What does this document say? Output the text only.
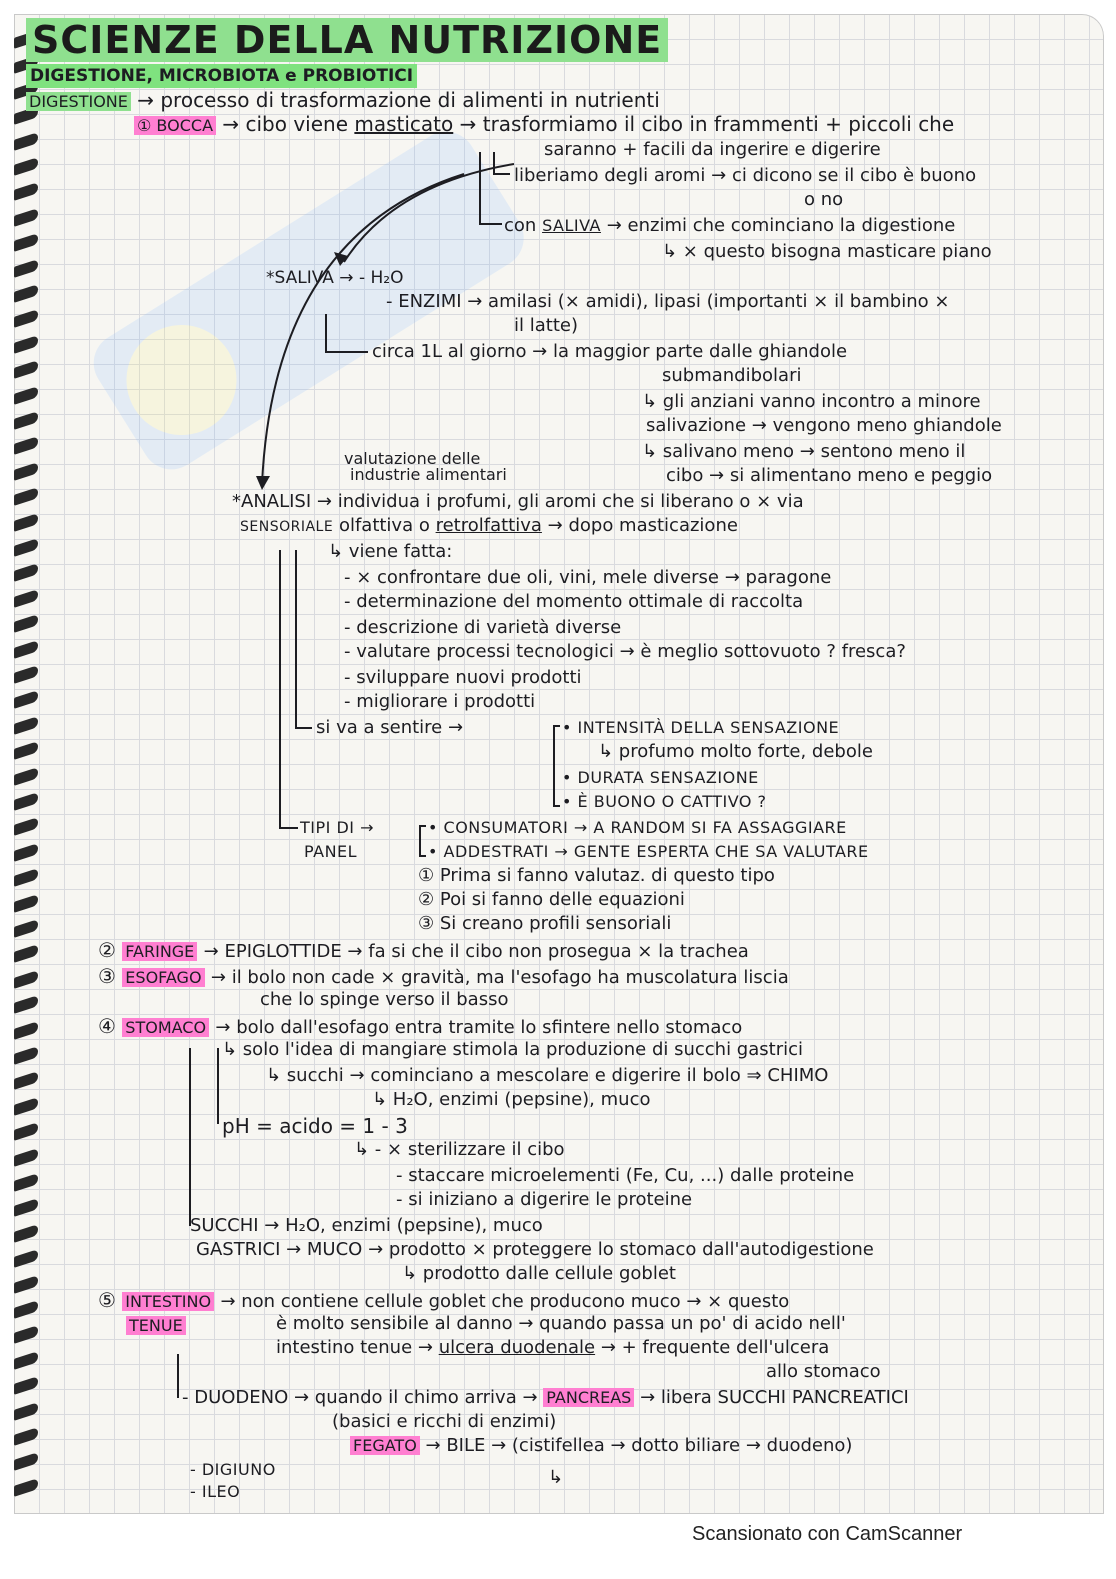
SCIENZE DELLA NUTRIZIONE
DIGESTIONE, MICROBIOTA e PROBIOTICI
DIGESTIONE → processo di trasformazione di alimenti in nutrienti
① BOCCA → cibo viene masticato → trasformiamo il cibo in frammenti + piccoli che
saranno + facili da ingerire e digerire
liberiamo degli aromi → ci dicono se il cibo è buono
o no
con SALIVA → enzimi che cominciano la digestione
↳ × questo bisogna masticare piano
*SALIVA → - H₂O
- ENZIMI → amilasi (× amidi), lipasi (importanti × il bambino ×
il latte)
circa 1L al giorno → la maggior parte dalle ghiandole
submandibolari
↳ gli anziani vanno incontro a minore
salivazione → vengono meno ghiandole
↳ salivano meno → sentono meno il
cibo → si alimentano meno e peggio
valutazione delle
industrie alimentari
*ANALISI → individua i profumi, gli aromi che si liberano o × via
SENSORIALE olfattiva o retrolfattiva → dopo masticazione
↳ viene fatta:
- × confrontare due oli, vini, mele diverse → paragone
- determinazione del momento ottimale di raccolta
- descrizione di varietà diverse
- valutare processi tecnologici → è meglio sottovuoto ? fresca?
- sviluppare nuovi prodotti
- migliorare i prodotti
si va a sentire →	• INTENSITÀ DELLA SENSAZIONE
↳ profumo molto forte, debole
• DURATA SENSAZIONE
• È BUONO O CATTIVO ?
TIPI DI →	• CONSUMATORI → A RANDOM SI FA ASSAGGIARE
PANEL	• ADDESTRATI → GENTE ESPERTA CHE SA VALUTARE
① Prima si fanno valutaz. di questo tipo
② Poi si fanno delle equazioni
③ Si creano profili sensoriali
② FARINGE → EPIGLOTTIDE → fa si che il cibo non prosegua × la trachea
③ ESOFAGO → il bolo non cade × gravità, ma l'esofago ha muscolatura liscia
che lo spinge verso il basso
④ STOMACO → bolo dall'esofago entra tramite lo sfintere nello stomaco
↳ solo l'idea di mangiare stimola la produzione di succhi gastrici
↳ succhi → cominciano a mescolare e digerire il bolo ⇒ CHIMO
↳ H₂O, enzimi (pepsine), muco
pH = acido = 1 - 3
↳ - × sterilizzare il cibo
- staccare microelementi (Fe, Cu, ...) dalle proteine
- si iniziano a digerire le proteine
SUCCHI → H₂O, enzimi (pepsine), muco
GASTRICI → MUCO → prodotto × proteggere lo stomaco dall'autodigestione
↳ prodotto dalle cellule goblet
⑤ INTESTINO → non contiene cellule goblet che producono muco → × questo
TENUE	è molto sensibile al danno → quando passa un po' di acido nell'
intestino tenue → ulcera duodenale → + frequente dell'ulcera
allo stomaco
- DUODENO → quando il chimo arriva → PANCREAS → libera SUCCHI PANCREATICI
(basici e ricchi di enzimi)
FEGATO → BILE → (cistifellea → dotto biliare → duodeno)
- DIGIUNO
- ILEO
↳
Scansionato con CamScanner
